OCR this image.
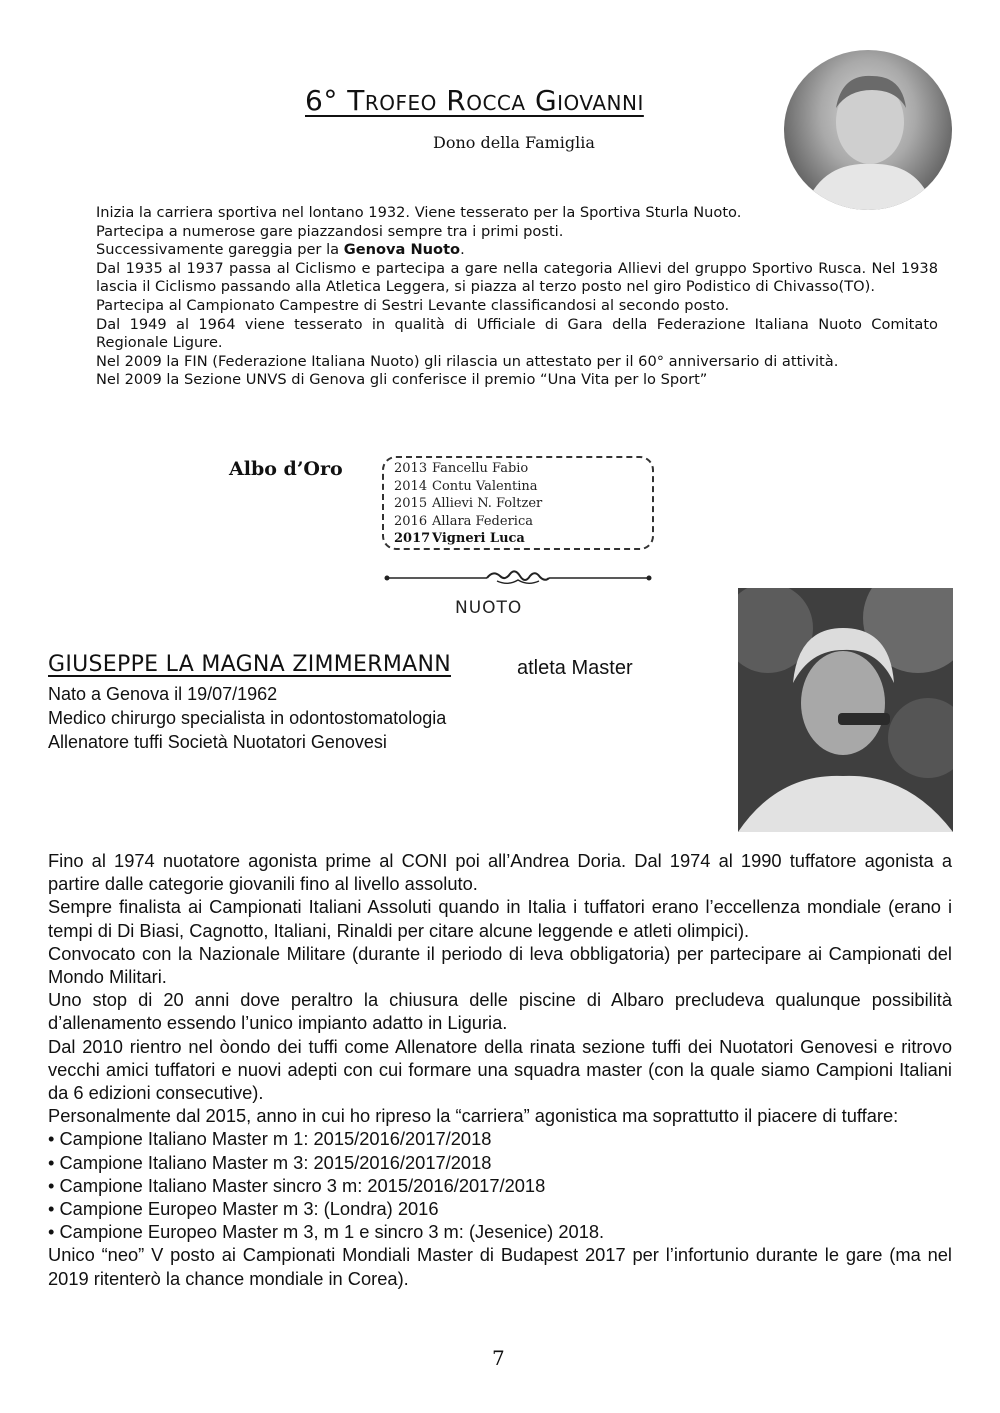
6° Trofeo Rocca Giovanni
Dono della Famiglia

Inizia la carriera sportiva nel lontano 1932. Viene tesserato per la Sportiva Sturla Nuoto.

Partecipa a numerose gare piazzandosi sempre tra i primi posti.

Successivamente gareggia per la Genova Nuoto.

Dal 1935 al 1937 passa al Ciclismo e partecipa a gare nella categoria Allievi del gruppo Sportivo Rusca. Nel 1938 lascia il Ciclismo passando alla Atletica Leggera, si piazza al terzo posto nel giro Podistico di Chivasso(TO).

Partecipa al Campionato Campestre di Sestri Levante classificandosi al secondo posto.

Dal 1949 al 1964 viene tesserato in qualità di Ufficiale di Gara della Federazione Italiana Nuoto Comitato Regionale Ligure.

Nel 2009 la FIN (Federazione Italiana Nuoto) gli rilascia un attestato per il 60° anniversario di attività.

Nel 2009 la Sezione UNVS di Genova gli conferisce il premio “Una Vita per lo Sport”

Albo d’Oro	2013 Fancellu Fabio
2014 Contu Valentina
2015 Allievi N. Foltzer
2016 Allara Federica
2017 Vigneri Luca
NUOTO
GIUSEPPE LA MAGNA ZIMMERMANN	atleta Master
Nato a Genova il 19/07/1962
Medico chirurgo specialista in odontostomatologia
Allenatore tuffi Società Nuotatori Genovesi

Fino al 1974 nuotatore agonista prime al CONI poi all’Andrea Doria. Dal 1974 al 1990 tuffatore agonista a partire dalle categorie giovanili fino al livello assoluto.

Sempre finalista ai Campionati Italiani Assoluti quando in Italia i tuffatori erano l’eccellenza mondiale (erano i tempi di Di Biasi, Cagnotto, Italiani, Rinaldi per citare alcune leggende e atleti olimpici).

Convocato con la Nazionale Militare (durante il periodo di leva obbligatoria) per partecipare ai Campionati del Mondo Militari.

Uno stop di 20 anni dove peraltro la chiusura delle piscine di Albaro precludeva qualunque possibilità d’allenamento essendo l’unico impianto adatto in Liguria.

Dal 2010 rientro nel òondo dei tuffi come Allenatore della rinata sezione tuffi dei Nuotatori Genovesi e ritrovo vecchi amici tuffatori e nuovi adepti con cui formare una squadra master (con la quale siamo Campioni Italiani da 6 edizioni consecutive).

Personalmente dal 2015, anno in cui ho ripreso la “carriera” agonistica ma soprattutto il piacere di tuffare:

• Campione Italiano Master m 1: 2015/2016/2017/2018
• Campione Italiano Master m 3: 2015/2016/2017/2018
• Campione Italiano Master sincro 3 m: 2015/2016/2017/2018
• Campione Europeo Master m 3: (Londra) 2016
• Campione Europeo Master m 3, m 1 e sincro 3 m: (Jesenice) 2018.

Unico “neo” V posto ai Campionati Mondiali Master di Budapest 2017 per l’infortunio durante le gare (ma nel 2019 ritenterò la chance mondiale in Corea).

7
